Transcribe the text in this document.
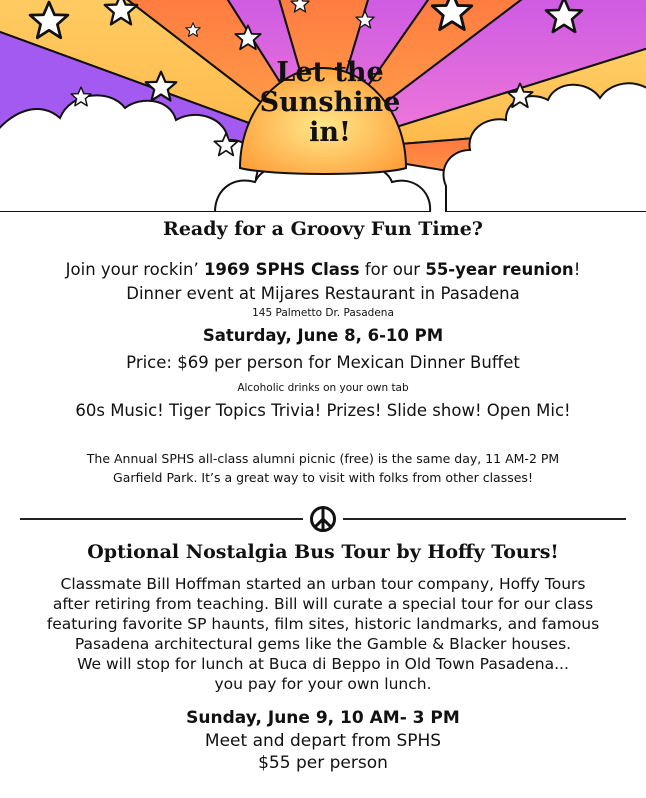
Let the
Sunshine
in!
Ready for a Groovy Fun Time?
Join your rockin’ 1969 SPHS Class for our 55-year reunion!
Dinner event at Mijares Restaurant in Pasadena
145 Palmetto Dr. Pasadena
Saturday, June 8, 6-10 PM
Price: $69 per person for Mexican Dinner Buffet
Alcoholic drinks on your own tab
60s Music! Tiger Topics Trivia! Prizes! Slide show! Open Mic!
The Annual SPHS all-class alumni picnic (free) is the same day, 11 AM-2 PM
Garfield Park. It’s a great way to visit with folks from other classes!
Optional Nostalgia Bus Tour by Hoffy Tours!
Classmate Bill Hoffman started an urban tour company, Hoffy Tours
after retiring from teaching. Bill will curate a special tour for our class
featuring favorite SP haunts, film sites, historic landmarks, and famous
Pasadena architectural gems like the Gamble & Blacker houses.
We will stop for lunch at Buca di Beppo in Old Town Pasadena...
you pay for your own lunch.
Sunday, June 9, 10 AM- 3 PM
Meet and depart from SPHS
$55 per person
